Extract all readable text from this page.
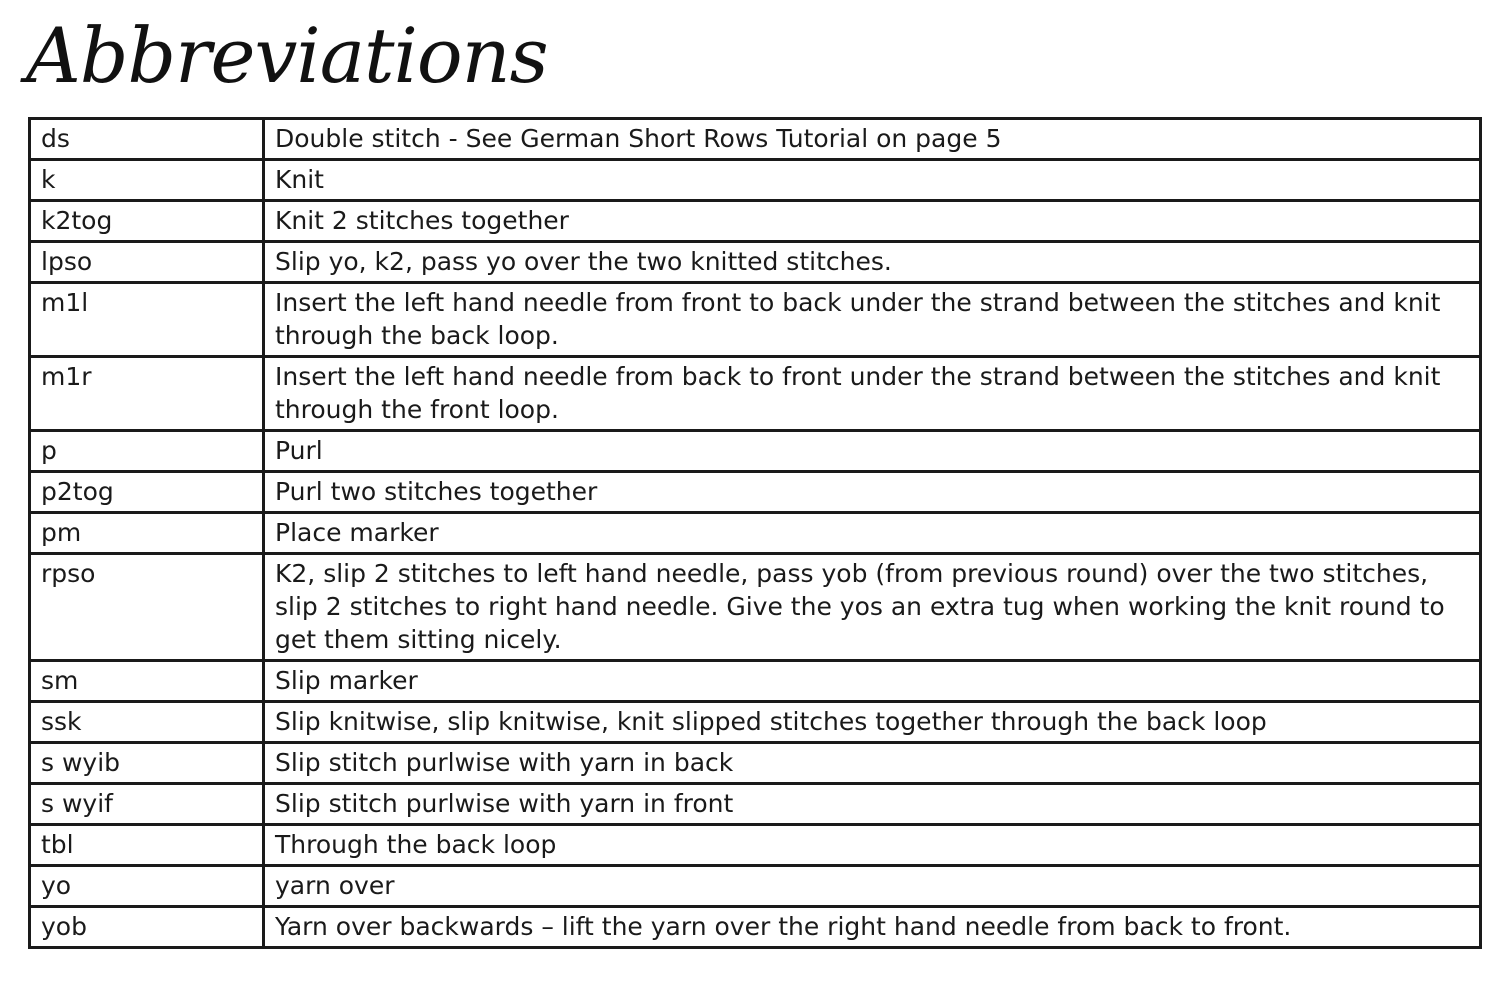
Abbreviations
ds	Double stitch - See German Short Rows Tutorial on page 5
k	Knit
k2tog	Knit 2 stitches together
lpso	Slip yo, k2, pass yo over the two knitted stitches.
m1l	Insert the left hand needle from front to back under the strand between the stitches and knit through the back loop.
m1r	Insert the left hand needle from back to front under the strand between the stitches and knit through the front loop.
p	Purl
p2tog	Purl two stitches together
pm	Place marker
rpso	K2, slip 2 stitches to left hand needle, pass yob (from previous round) over the two stitches, slip 2 stitches to right hand needle. Give the yos an extra tug when working the knit round to get them sitting nicely.
sm	Slip marker
ssk	Slip knitwise, slip knitwise, knit slipped stitches together through the back loop
s wyib	Slip stitch purlwise with yarn in back
s wyif	Slip stitch purlwise with yarn in front
tbl	Through the back loop
yo	yarn over
yob	Yarn over backwards – lift the yarn over the right hand needle from back to front.
